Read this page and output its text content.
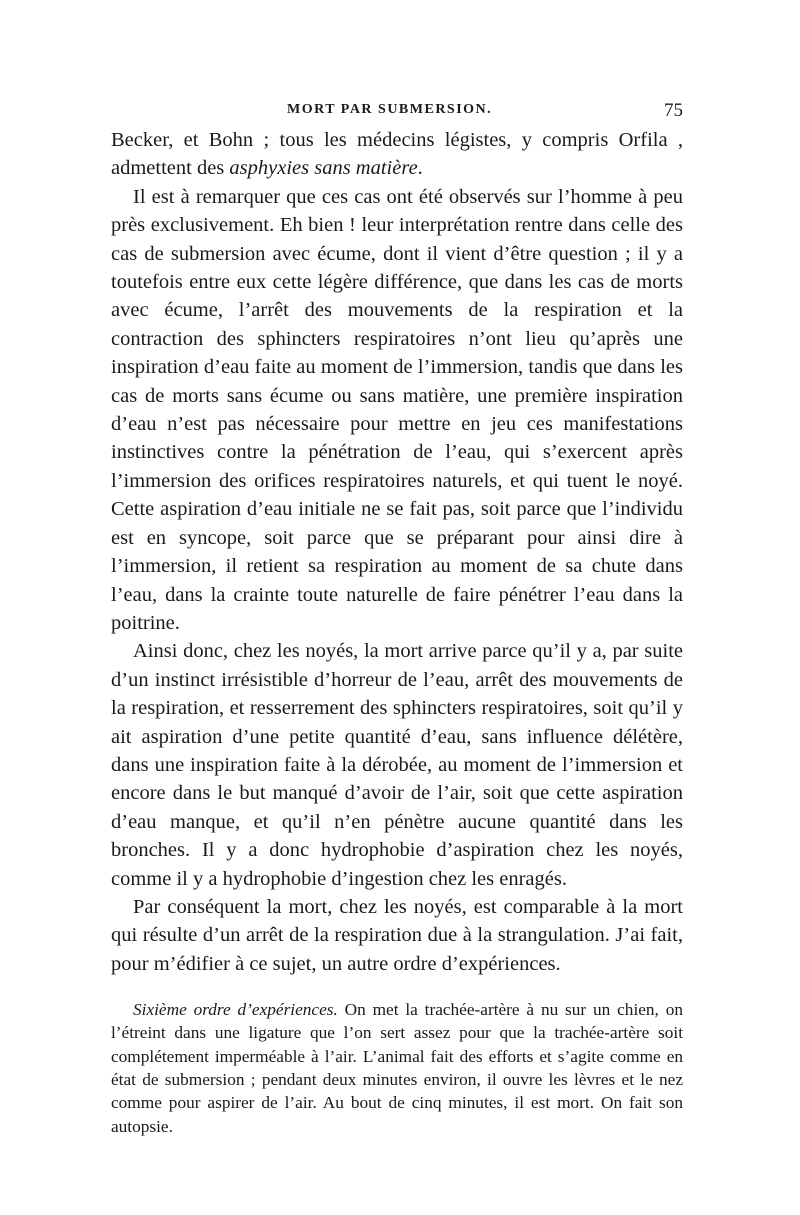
MORT PAR SUBMERSION.	75

Becker, et Bohn ; tous les médecins légistes, y compris Orfila , admettent des asphyxies sans matière.

Il est à remarquer que ces cas ont été observés sur l’homme à peu près exclusivement. Eh bien ! leur interprétation rentre dans celle des cas de submersion avec écume, dont il vient d’être question ; il y a toutefois entre eux cette légère différence, que dans les cas de morts avec écume, l’arrêt des mouvements de la respiration et la contraction des sphincters respiratoires n’ont lieu qu’après une inspiration d’eau faite au moment de l’immersion, tandis que dans les cas de morts sans écume ou sans matière, une première inspiration d’eau n’est pas nécessaire pour mettre en jeu ces manifestations instinctives contre la pénétration de l’eau, qui s’exercent après l’immersion des orifices respiratoires naturels, et qui tuent le noyé. Cette aspiration d’eau initiale ne se fait pas, soit parce que l’individu est en syncope, soit parce que se préparant pour ainsi dire à l’immersion, il retient sa respiration au moment de sa chute dans l’eau, dans la crainte toute naturelle de faire pénétrer l’eau dans la poitrine.

Ainsi donc, chez les noyés, la mort arrive parce qu’il y a, par suite d’un instinct irrésistible d’horreur de l’eau, arrêt des mouvements de la respiration, et resserrement des sphincters respiratoires, soit qu’il y ait aspiration d’une petite quantité d’eau, sans influence délétère, dans une inspiration faite à la dérobée, au moment de l’immersion et encore dans le but manqué d’avoir de l’air, soit que cette aspiration d’eau manque, et qu’il n’en pénètre aucune quantité dans les bronches. Il y a donc hydrophobie d’aspiration chez les noyés, comme il y a hydrophobie d’ingestion chez les enragés.

Par conséquent la mort, chez les noyés, est comparable à la mort qui résulte d’un arrêt de la respiration due à la strangulation. J’ai fait, pour m’édifier à ce sujet, un autre ordre d’expériences.

Sixième ordre d’expériences. On met la trachée-artère à nu sur un chien, on l’étreint dans une ligature que l’on sert assez pour que la trachée-artère soit complétement imperméable à l’air. L’animal fait des efforts et s’agite comme en état de submersion ; pendant deux minutes environ, il ouvre les lèvres et le nez comme pour aspirer de l’air. Au bout de cinq minutes, il est mort. On fait son autopsie.
